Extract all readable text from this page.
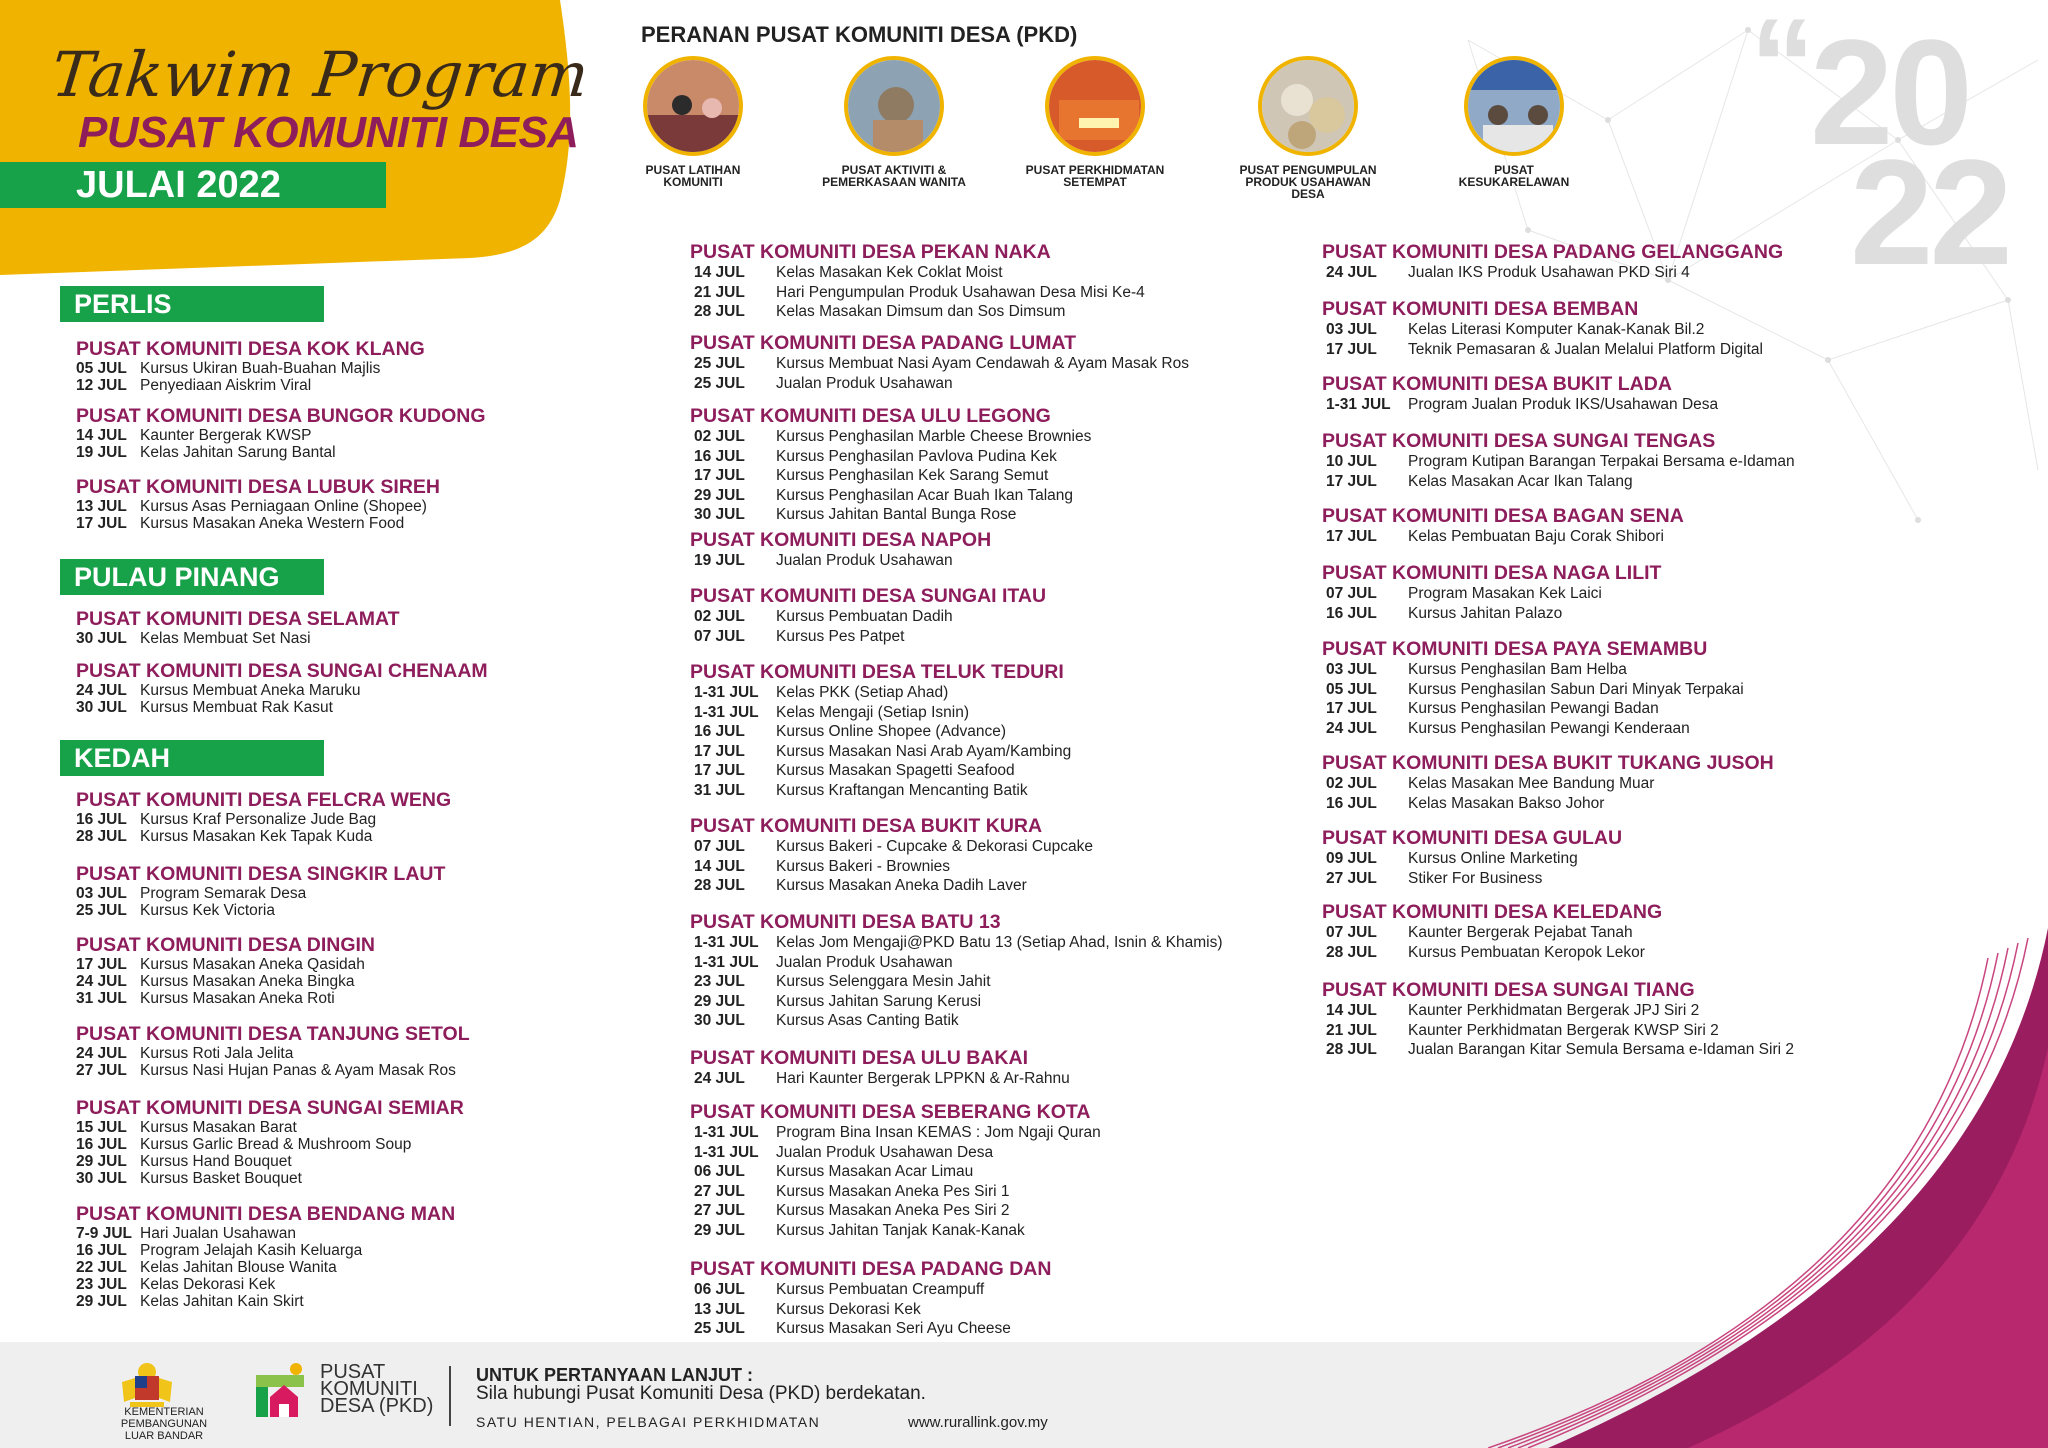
“ 20
22
Takwim Program
PUSAT KOMUNITI DESA
JULAI 2022
PERANAN PUSAT KOMUNITI DESA (PKD)
PUSAT LATIHAN
KOMUNITI
PUSAT AKTIVITI &
PEMERKASAAN WANITA
PUSAT PERKHIDMATAN
SETEMPAT
PUSAT PENGUMPULAN
PRODUK USAHAWAN
DESA
PUSAT
KESUKARELAWAN
PERLIS
PULAU PINANG
KEDAH
PUSAT KOMUNITI DESA KOK KLANG
05 JUL Kursus Ukiran Buah-Buahan Majlis
12 JUL Penyediaan Aiskrim Viral
PUSAT KOMUNITI DESA BUNGOR KUDONG
14 JUL Kaunter Bergerak KWSP
19 JUL Kelas Jahitan Sarung Bantal
PUSAT KOMUNITI DESA LUBUK SIREH
13 JUL Kursus Asas Perniagaan Online (Shopee)
17 JUL Kursus Masakan Aneka Western Food
PUSAT KOMUNITI DESA SELAMAT
30 JUL Kelas Membuat Set Nasi
PUSAT KOMUNITI DESA SUNGAI CHENAAM
24 JUL Kursus Membuat Aneka Maruku
30 JUL Kursus Membuat Rak Kasut
PUSAT KOMUNITI DESA FELCRA WENG
16 JUL Kursus Kraf Personalize Jude Bag
28 JUL Kursus Masakan Kek Tapak Kuda
PUSAT KOMUNITI DESA SINGKIR LAUT
03 JUL Program Semarak Desa
25 JUL Kursus Kek Victoria
PUSAT KOMUNITI DESA DINGIN
17 JUL Kursus Masakan Aneka Qasidah
24 JUL Kursus Masakan Aneka Bingka
31 JUL Kursus Masakan Aneka Roti
PUSAT KOMUNITI DESA TANJUNG SETOL
24 JUL Kursus Roti Jala Jelita
27 JUL Kursus Nasi Hujan Panas & Ayam Masak Ros
PUSAT KOMUNITI DESA SUNGAI SEMIAR
15 JUL Kursus Masakan Barat
16 JUL Kursus Garlic Bread & Mushroom Soup
29 JUL Kursus Hand Bouquet
30 JUL Kursus Basket Bouquet
PUSAT KOMUNITI DESA BENDANG MAN
7-9 JUL Hari Jualan Usahawan
16 JUL Program Jelajah Kasih Keluarga
22 JUL Kelas Jahitan Blouse Wanita
23 JUL Kelas Dekorasi Kek
29 JUL Kelas Jahitan Kain Skirt
PUSAT KOMUNITI DESA PEKAN NAKA
14 JUL	Kelas Masakan Kek Coklat Moist
21 JUL	Hari Pengumpulan Produk Usahawan Desa Misi Ke-4
28 JUL	Kelas Masakan Dimsum dan Sos Dimsum
PUSAT KOMUNITI DESA PADANG LUMAT
25 JUL	Kursus Membuat Nasi Ayam Cendawah & Ayam Masak Ros
25 JUL	Jualan Produk Usahawan
PUSAT KOMUNITI DESA ULU LEGONG
02 JUL	Kursus Penghasilan Marble Cheese Brownies
16 JUL	Kursus Penghasilan Pavlova Pudina Kek
17 JUL	Kursus Penghasilan Kek Sarang Semut
29 JUL	Kursus Penghasilan Acar Buah Ikan Talang
30 JUL	Kursus Jahitan Bantal Bunga Rose
PUSAT KOMUNITI DESA NAPOH
19 JUL	Jualan Produk Usahawan
PUSAT KOMUNITI DESA SUNGAI ITAU
02 JUL	Kursus Pembuatan Dadih
07 JUL	Kursus Pes Patpet
PUSAT KOMUNITI DESA TELUK TEDURI
1-31 JUL	Kelas PKK (Setiap Ahad)
1-31 JUL	Kelas Mengaji (Setiap Isnin)
16 JUL	Kursus Online Shopee (Advance)
17 JUL	Kursus Masakan Nasi Arab Ayam/Kambing
17 JUL	Kursus Masakan Spagetti Seafood
31 JUL	Kursus Kraftangan Mencanting Batik
PUSAT KOMUNITI DESA BUKIT KURA
07 JUL	Kursus Bakeri - Cupcake & Dekorasi Cupcake
14 JUL	Kursus Bakeri - Brownies
28 JUL	Kursus Masakan Aneka Dadih Laver
PUSAT KOMUNITI DESA BATU 13
1-31 JUL	Kelas Jom Mengaji@PKD Batu 13 (Setiap Ahad, Isnin & Khamis)
1-31 JUL	Jualan Produk Usahawan
23 JUL	Kursus Selenggara Mesin Jahit
29 JUL	Kursus Jahitan Sarung Kerusi
30 JUL	Kursus Asas Canting Batik
PUSAT KOMUNITI DESA ULU BAKAI
24 JUL	Hari Kaunter Bergerak LPPKN & Ar-Rahnu
PUSAT KOMUNITI DESA SEBERANG KOTA
1-31 JUL	Program Bina Insan KEMAS : Jom Ngaji Quran
1-31 JUL	Jualan Produk Usahawan Desa
06 JUL	Kursus Masakan Acar Limau
27 JUL	Kursus Masakan Aneka Pes Siri 1
27 JUL	Kursus Masakan Aneka Pes Siri 2
29 JUL	Kursus Jahitan Tanjak Kanak-Kanak
PUSAT KOMUNITI DESA PADANG DAN
06 JUL	Kursus Pembuatan Creampuff
13 JUL	Kursus Dekorasi Kek
25 JUL	Kursus Masakan Seri Ayu Cheese
PUSAT KOMUNITI DESA PADANG GELANGGANG
24 JUL	Jualan IKS Produk Usahawan PKD Siri 4
PUSAT KOMUNITI DESA BEMBAN
03 JUL	Kelas Literasi Komputer Kanak-Kanak Bil.2
17 JUL	Teknik Pemasaran & Jualan Melalui Platform Digital
PUSAT KOMUNITI DESA BUKIT LADA
1-31 JUL	Program Jualan Produk IKS/Usahawan Desa
PUSAT KOMUNITI DESA SUNGAI TENGAS
10 JUL	Program Kutipan Barangan Terpakai Bersama e-Idaman
17 JUL	Kelas Masakan Acar Ikan Talang
PUSAT KOMUNITI DESA BAGAN SENA
17 JUL	Kelas Pembuatan Baju Corak Shibori
PUSAT KOMUNITI DESA NAGA LILIT
07 JUL	Program Masakan Kek Laici
16 JUL	Kursus Jahitan Palazo
PUSAT KOMUNITI DESA PAYA SEMAMBU
03 JUL	Kursus Penghasilan Bam Helba
05 JUL	Kursus Penghasilan Sabun Dari Minyak Terpakai
17 JUL	Kursus Penghasilan Pewangi Badan
24 JUL	Kursus Penghasilan Pewangi Kenderaan
PUSAT KOMUNITI DESA BUKIT TUKANG JUSOH
02 JUL	Kelas Masakan Mee Bandung Muar
16 JUL	Kelas Masakan Bakso Johor
PUSAT KOMUNITI DESA GULAU
09 JUL	Kursus Online Marketing
27 JUL	Stiker For Business
PUSAT KOMUNITI DESA KELEDANG
07 JUL	Kaunter Bergerak Pejabat Tanah
28 JUL	Kursus Pembuatan Keropok Lekor
PUSAT KOMUNITI DESA SUNGAI TIANG
14 JUL	Kaunter Perkhidmatan Bergerak JPJ Siri 2
21 JUL	Kaunter Perkhidmatan Bergerak KWSP Siri 2
28 JUL	Jualan Barangan Kitar Semula Bersama e-Idaman Siri 2
KEMENTERIAN
PEMBANGUNAN LUAR BANDAR
PUSAT
KOMUNITI
DESA (PKD)
UNTUK PERTANYAAN LANJUT :
Sila hubungi Pusat Komuniti Desa (PKD) berdekatan.
SATU HENTIAN, PELBAGAI PERKHIDMATAN	www.rurallink.gov.my
